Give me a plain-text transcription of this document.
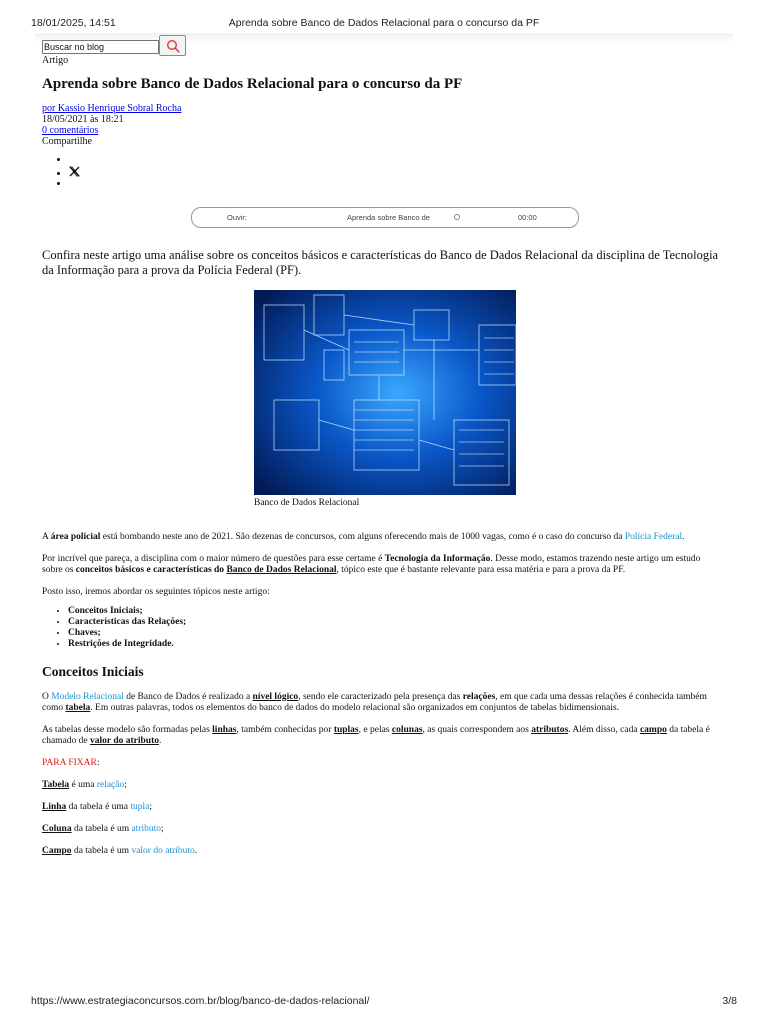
18/01/2025, 14:51	Aprenda sobre Banco de Dados Relacional para o concurso da PF
Buscar no blog
Artigo
Aprenda sobre Banco de Dados Relacional para o concurso da PF
por Kassio Henrique Sobral Rocha
18/05/2021 às 18:21
0 comentários
Compartilhe
•
•
•
Ouvir:	Aprenda sobre Banco de	00:00

Confira neste artigo uma análise sobre os conceitos básicos e características do Banco de Dados Relacional da disciplina de Tecnologia da Informação para a prova da Polícia Federal (PF).

Banco de Dados Relacional

A área policial está bombando neste ano de 2021. São dezenas de concursos, com alguns oferecendo mais de 1000 vagas, como é o caso do concurso da Polícia Federal.

Por incrível que pareça, a disciplina com o maior número de questões para esse certame é Tecnologia da Informação. Desse modo, estamos trazendo neste artigo um estudo sobre os conceitos básicos e características do Banco de Dados Relacional, tópico este que é bastante relevante para essa matéria e para a prova da PF.

Posto isso, iremos abordar os seguintes tópicos neste artigo:

• Conceitos Iniciais;
• Características das Relações;
• Chaves;
• Restrições de Integridade.
Conceitos Iniciais

O Modelo Relacional de Banco de Dados é realizado a nível lógico, sendo ele caracterizado pela presença das relações, em que cada uma dessas relações é conhecida também como tabela. Em outras palavras, todos os elementos do banco de dados do modelo relacional são organizados em conjuntos de tabelas bidimensionais.

As tabelas desse modelo são formadas pelas linhas, também conhecidas por tuplas, e pelas colunas, as quais correspondem aos atributos. Além disso, cada campo da tabela é chamado de valor do atributo.

PARA FIXAR:

Tabela é uma relação;

Linha da tabela é uma tupla;

Coluna da tabela é um atributo;

Campo da tabela é um valor do atributo.

https://www.estrategiaconcursos.com.br/blog/banco-de-dados-relacional/	3/8
